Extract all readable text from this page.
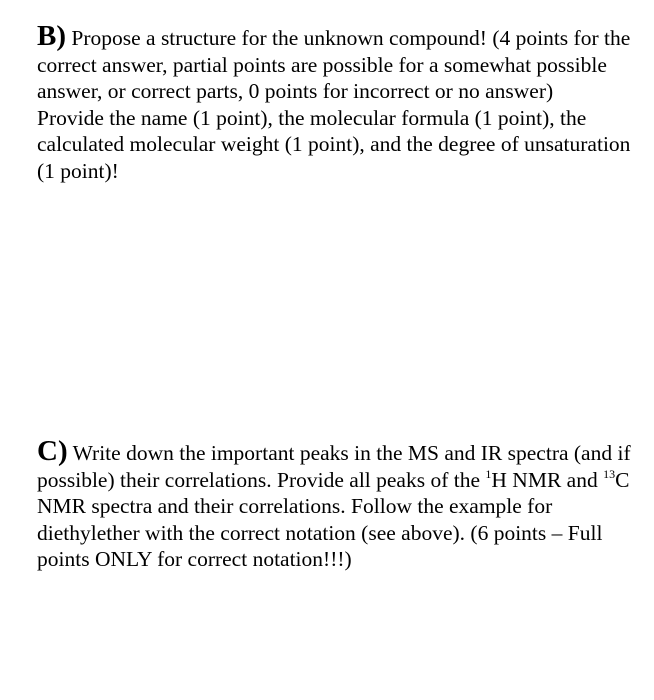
B) Propose a structure for the unknown compound! (4 points for the correct answer, partial points are possible for a somewhat possible answer, or correct parts, 0 points for incorrect or no answer)

Provide the name (1 point), the molecular formula (1 point), the calculated molecular weight (1 point), and the degree of unsaturation (1 point)!

C) Write down the important peaks in the MS and IR spectra (and if possible) their correlations. Provide all peaks of the $^1$H NMR and $^{13}$C NMR spectra and their correlations. Follow the example for diethylether with the correct notation (see above). (6 points – Full points ONLY for correct notation!!!)
